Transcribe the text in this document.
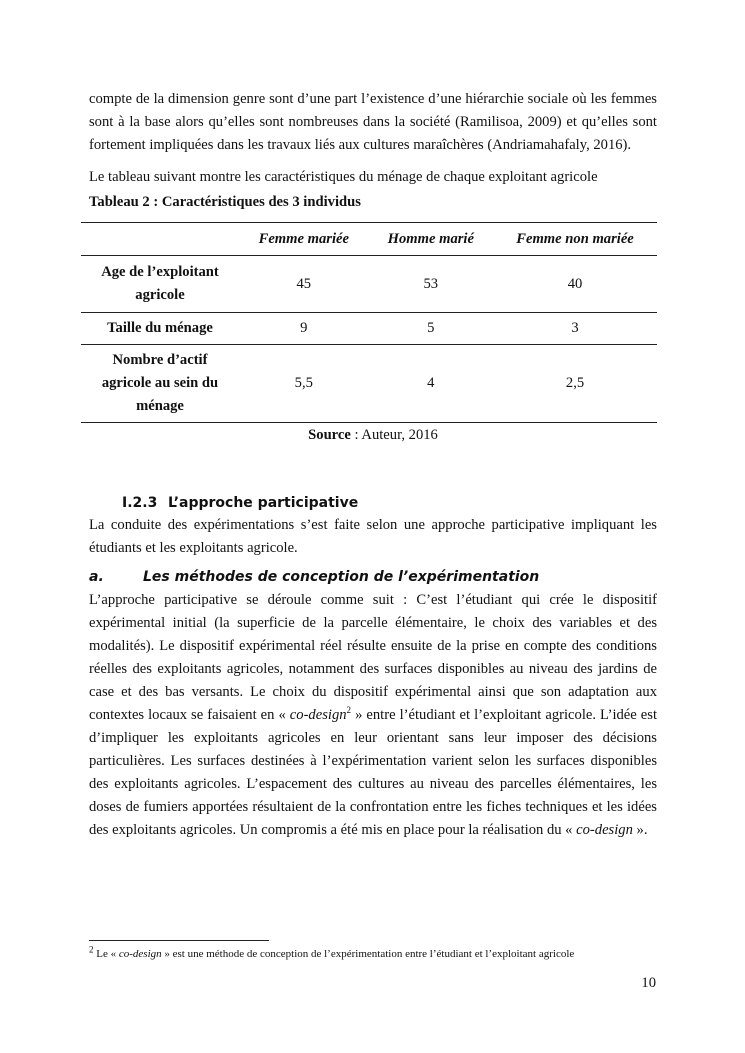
compte de la dimension genre sont d’une part l’existence d’une hiérarchie sociale où les femmes sont à la base alors qu’elles sont nombreuses dans la société (Ramilisoa, 2009) et qu’elles sont fortement impliquées dans les travaux liés aux cultures maraîchères (Andriamahafaly, 2016).

Le tableau suivant montre les caractéristiques du ménage de chaque exploitant agricole

Tableau 2 : Caractéristiques des 3 individus
	Femme mariée	Homme marié	Femme non mariée
Age de l’exploitant agricole	45	53	40
Taille du ménage	9	5	3
Nombre d’actif agricole au sein du ménage	5,5	4	2,5
Source : Auteur, 2016
I.2.3 L’approche participative

La conduite des expérimentations s’est faite selon une approche participative impliquant les étudiants et les exploitants agricole.

a.	Les méthodes de conception de l’expérimentation

L’approche participative se déroule comme suit : C’est l’étudiant qui crée le dispositif expérimental initial (la superficie de la parcelle élémentaire, le choix des variables et des modalités). Le dispositif expérimental réel résulte ensuite de la prise en compte des conditions réelles des exploitants agricoles, notamment des surfaces disponibles au niveau des jardins de case et des bas versants. Le choix du dispositif expérimental ainsi que son adaptation aux contextes locaux se faisaient en « co-design$^2$ » entre l’étudiant et l’exploitant agricole. L’idée est d’impliquer les exploitants agricoles en leur orientant sans leur imposer des décisions particulières. Les surfaces destinées à l’expérimentation varient selon les surfaces disponibles des exploitants agricoles. L’espacement des cultures au niveau des parcelles élémentaires, les doses de fumiers apportées résultaient de la confrontation entre les fiches techniques et les idées des exploitants agricoles. Un compromis a été mis en place pour la réalisation du « co-design ».

$^2$ Le « co-design » est une méthode de conception de l’expérimentation entre l’étudiant et l’exploitant agricole
10
